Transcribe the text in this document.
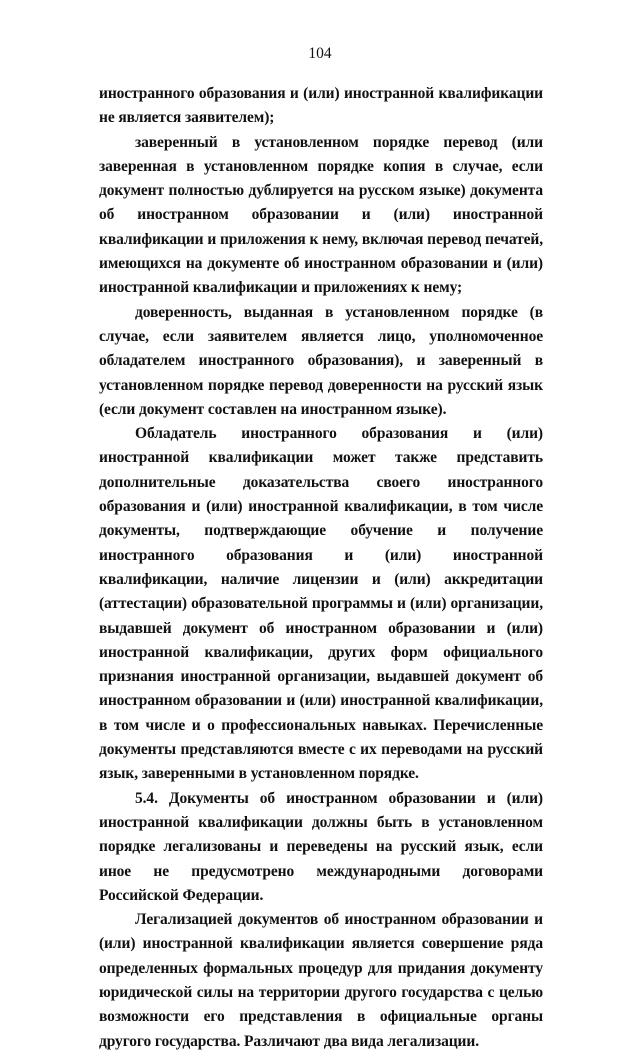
104

иностранного образования и (или) иностранной квалификации не является заявителем);

заверенный в установленном порядке перевод (или заверенная в установленном порядке копия в случае, если документ полностью дублируется на русском языке) документа об иностранном образовании и (или) иностранной квалификации и приложения к нему, включая перевод печатей, имеющихся на документе об иностранном образовании и (или) иностранной квалификации и приложениях к нему;

доверенность, выданная в установленном порядке (в случае, если заявителем является лицо, уполномоченное обладателем иностранного образования), и заверенный в установленном порядке перевод доверенности на русский язык (если документ составлен на иностранном языке).

Обладатель иностранного образования и (или) иностранной квалификации может также представить дополнительные доказательства своего иностранного образования и (или) иностранной квалификации, в том числе документы, подтверждающие обучение и получение иностранного образования и (или) иностранной квалификации, наличие лицензии и (или) аккредитации (аттестации) образовательной программы и (или) организации, выдавшей документ об иностранном образовании и (или) иностранной квалификации, других форм официального признания иностранной организации, выдавшей документ об иностранном образовании и (или) иностранной квалификации, в том числе и о профессиональных навыках. Перечисленные документы представляются вместе с их переводами на русский язык, заверенными в установленном порядке.

5.4. Документы об иностранном образовании и (или) иностранной квалификации должны быть в установленном порядке легализованы и переведены на русский язык, если иное не предусмотрено международными договорами Российской Федерации.

Легализацией документов об иностранном образовании и (или) иностранной квалификации является совершение ряда определенных формальных процедур для придания документу юридической силы на территории другого государства с целью возможности его представления в официальные органы другого государства. Различают два вида легализации.
